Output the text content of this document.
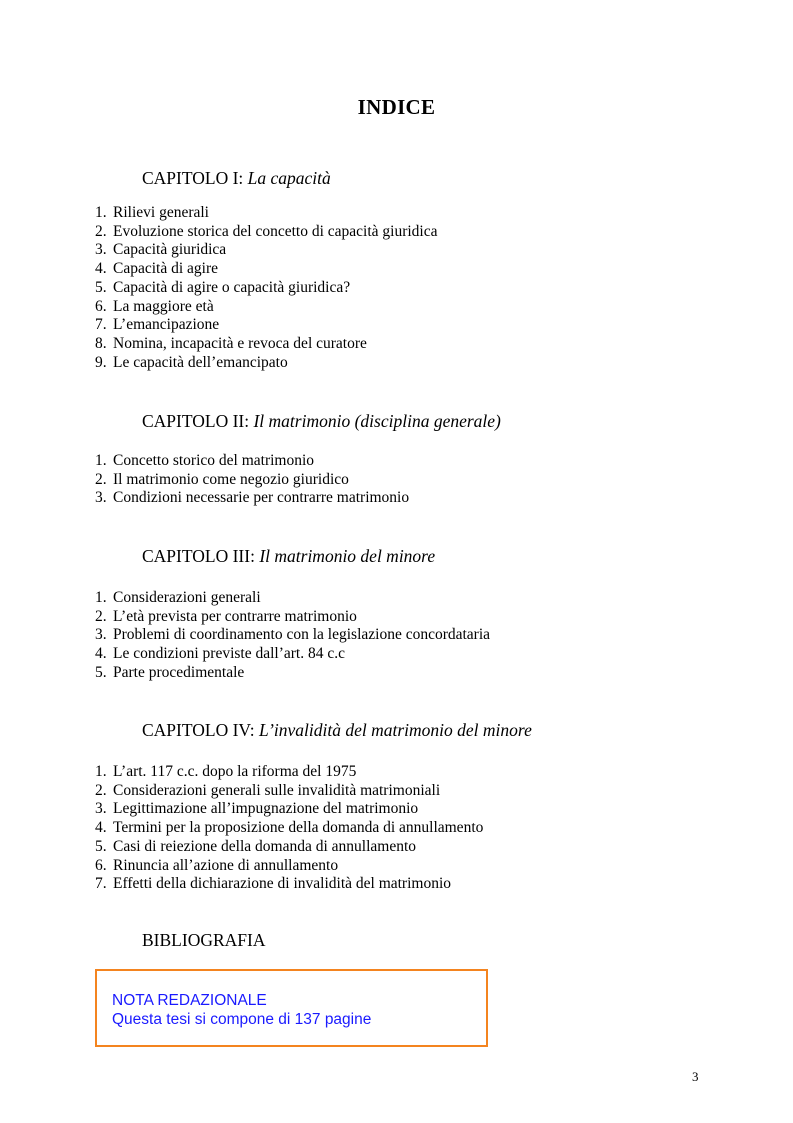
INDICE
CAPITOLO I: La capacità
1. Rilievi generali
2. Evoluzione storica del concetto di capacità giuridica
3. Capacità giuridica
4. Capacità di agire
5. Capacità di agire o capacità giuridica?
6. La maggiore età
7. L’emancipazione
8. Nomina, incapacità e revoca del curatore
9. Le capacità dell’emancipato
CAPITOLO II: Il matrimonio (disciplina generale)
1. Concetto storico del matrimonio
2. Il matrimonio come negozio giuridico
3. Condizioni necessarie per contrarre matrimonio
CAPITOLO III: Il matrimonio del minore
1. Considerazioni generali
2. L’età prevista per contrarre matrimonio
3. Problemi di coordinamento con la legislazione concordataria
4. Le condizioni previste dall’art. 84 c.c
5. Parte procedimentale
CAPITOLO IV: L’invalidità del matrimonio del minore
1. L’art. 117 c.c. dopo la riforma del 1975
2. Considerazioni generali sulle invalidità matrimoniali
3. Legittimazione all’impugnazione del matrimonio
4. Termini per la proposizione della domanda di annullamento
5. Casi di reiezione della domanda di annullamento
6. Rinuncia all’azione di annullamento
7. Effetti della dichiarazione di invalidità del matrimonio
BIBLIOGRAFIA
NOTA REDAZIONALE
Questa tesi si compone di 137 pagine
3
